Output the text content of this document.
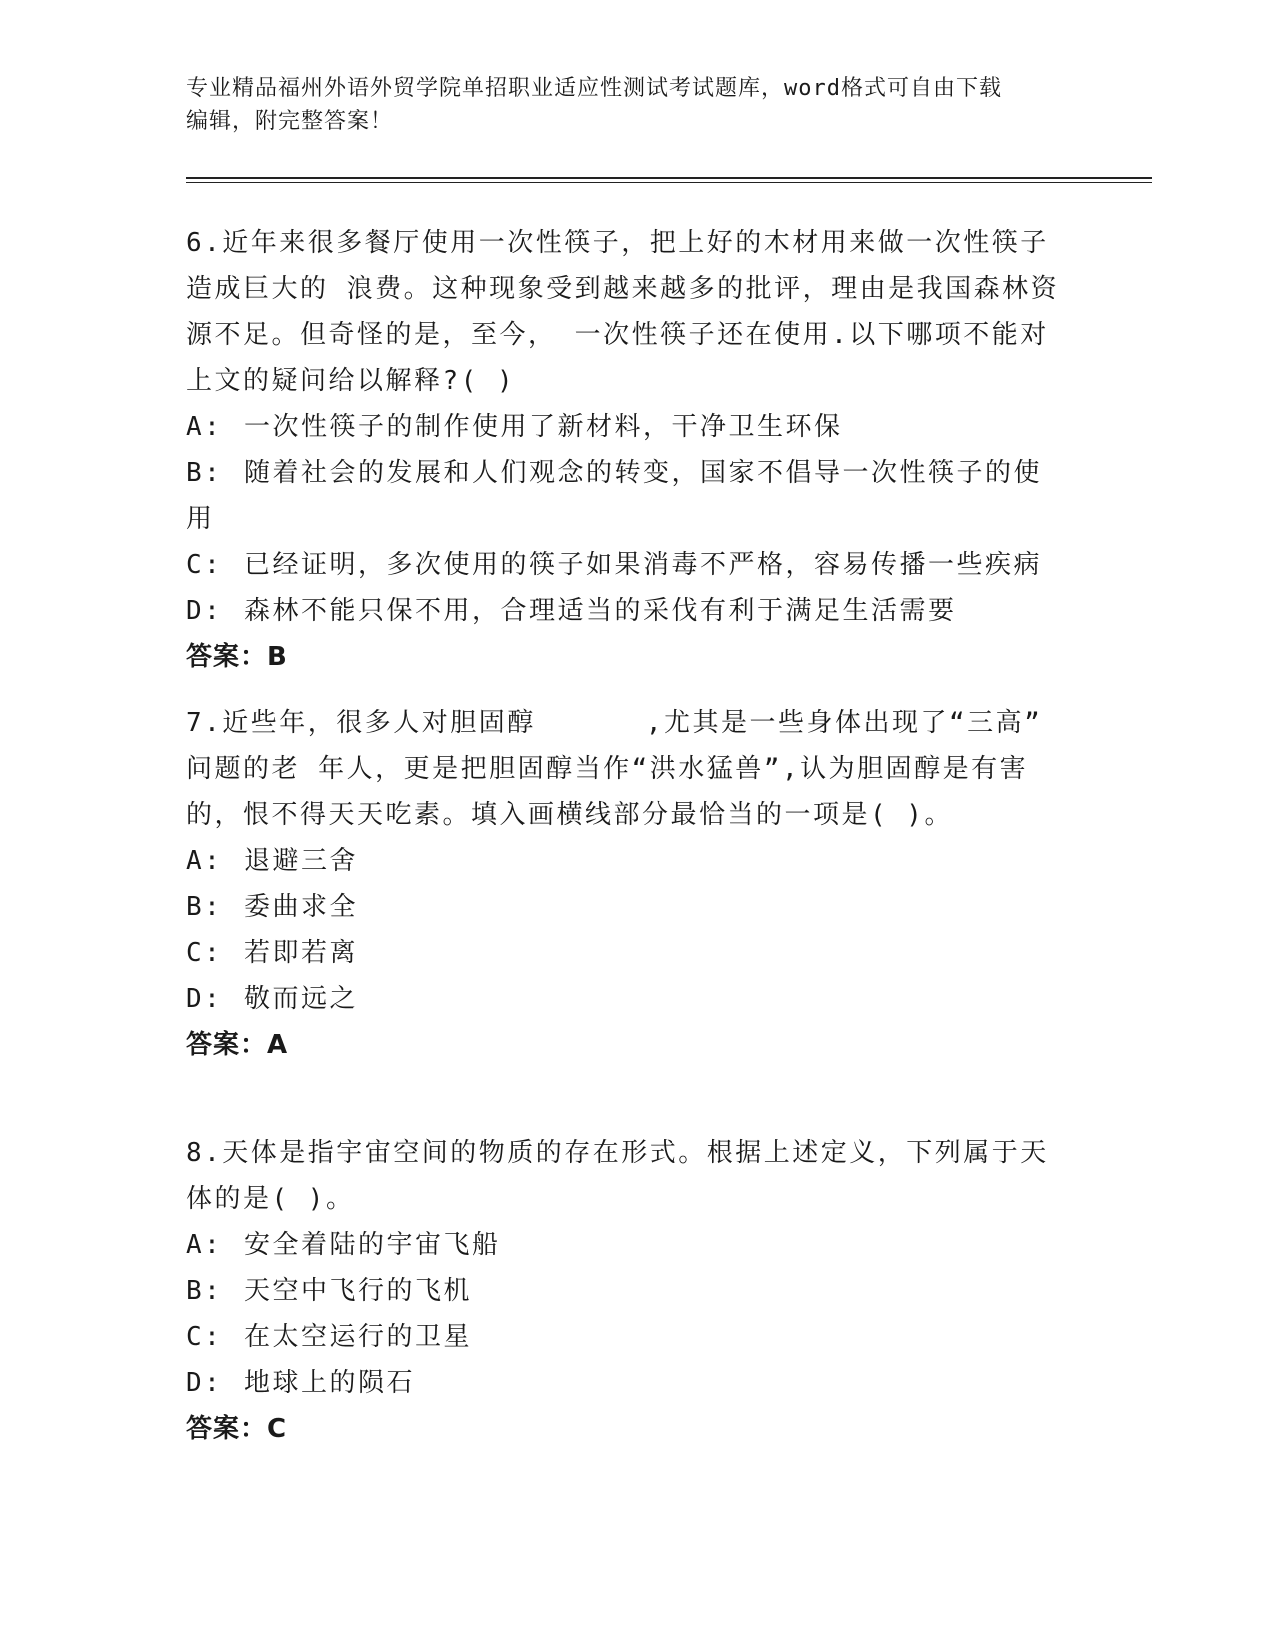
专业精品福州外语外贸学院单招职业适应性测试考试题库，word格式可自由下载
编辑，附完整答案！

6.近年来很多餐厅使用一次性筷子，把上好的木材用来做一次性筷子

造成巨大的 浪费。这种现象受到越来越多的批评，理由是我国森林资

源不足。但奇怪的是，至今， 一次性筷子还在使用.以下哪项不能对

上文的疑问给以解释?( )

A: 一次性筷子的制作使用了新材料，干净卫生环保
B: 随着社会的发展和人们观念的转变，国家不倡导一次性筷子的使

用

C: 已经证明，多次使用的筷子如果消毒不严格，容易传播一些疾病
D: 森林不能只保不用，合理适当的采伐有利于满足生活需要

答案：B

7.近些年，很多人对胆固醇	,尤其是一些身体出现了“三高”

问题的老 年人，更是把胆固醇当作“洪水猛兽”,认为胆固醇是有害

的，恨不得天天吃素。填入画横线部分最恰当的一项是( )。

A: 退避三舍
B: 委曲求全
C: 若即若离
D: 敬而远之

答案：A

8.天体是指宇宙空间的物质的存在形式。根据上述定义，下列属于天

体的是( )。

A: 安全着陆的宇宙飞船
B: 天空中飞行的飞机
C: 在太空运行的卫星
D: 地球上的陨石

答案：C
